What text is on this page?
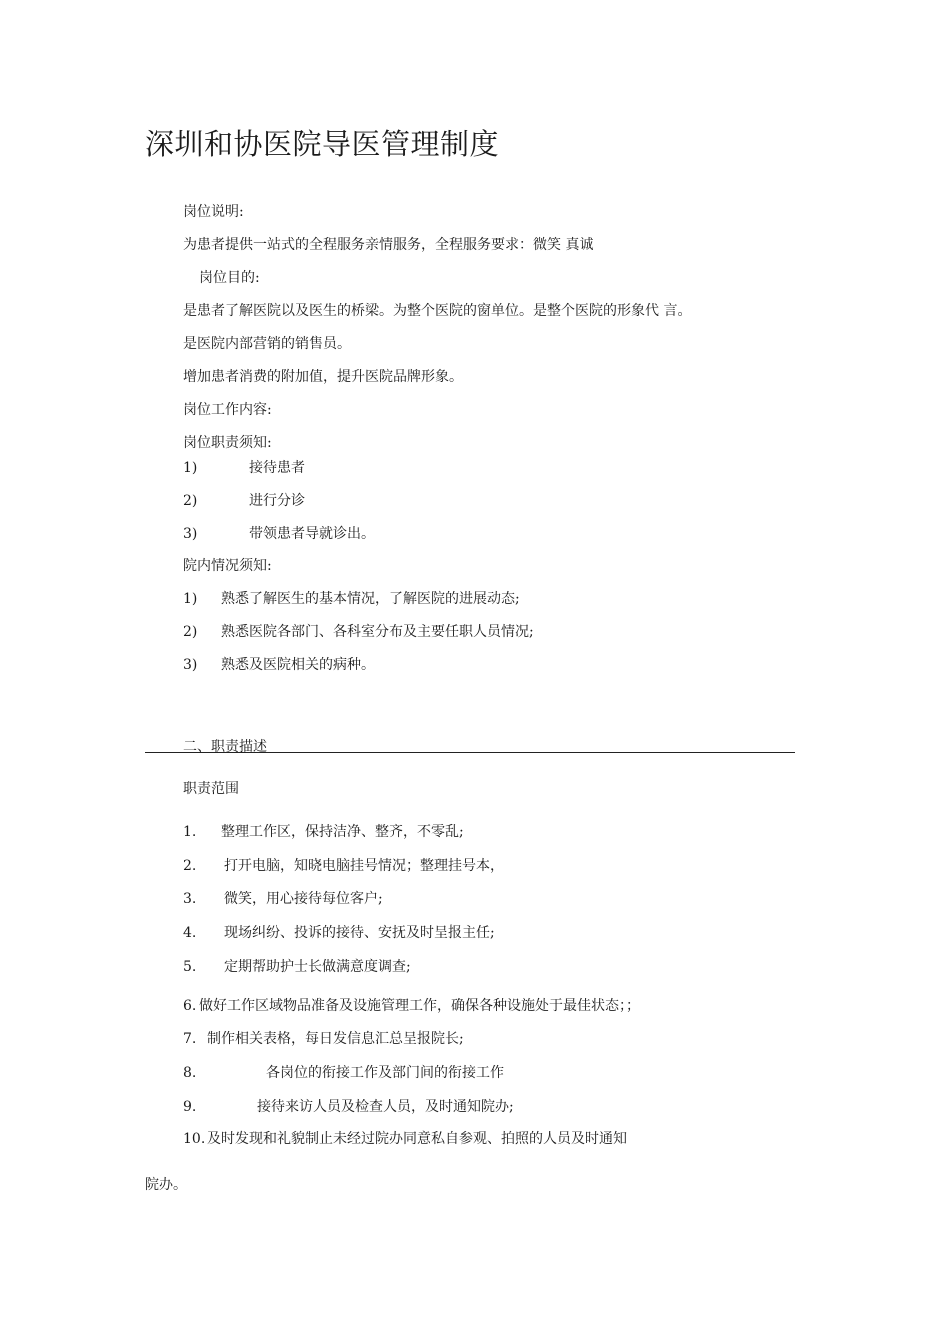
深圳和协医院导医管理制度
岗位说明:
为患者提供一站式的全程服务亲情服务，全程服务要求：微笑 真诚
岗位目的:
是患者了解医院以及医生的桥梁。为整个医院的窗单位。是整个医院的形象代 言。
是医院内部营销的销售员。
增加患者消费的附加值，提升医院品牌形象。
岗位工作内容:
岗位职责须知:
1)	接待患者
2)	进行分诊
3)	带领患者导就诊出。
院内情况须知:
1) 熟悉了解医生的基本情况，了解医院的进展动态;
2) 熟悉医院各部门、各科室分布及主要任职人员情况;
3) 熟悉及医院相关的病种。
二、职责描述
职责范围
1. 整理工作区，保持洁净、整齐，不零乱;
2. 打开电脑，知晓电脑挂号情况；整理挂号本，
3. 微笑，用心接待每位客户;
4. 现场纠纷、投诉的接待、安抚及时呈报主任;
5. 定期帮助护士长做满意度调查;
6. 做好工作区域物品准备及设施管理工作，确保各种设施处于最佳状态；；
7. 制作相关表格，每日发信息汇总呈报院长;
8.	各岗位的衔接工作及部门间的衔接工作
9.	接待来访人员及检查人员，及时通知院办;
10. 及时发现和礼貌制止未经过院办同意私自参观、拍照的人员及时通知
院办。
